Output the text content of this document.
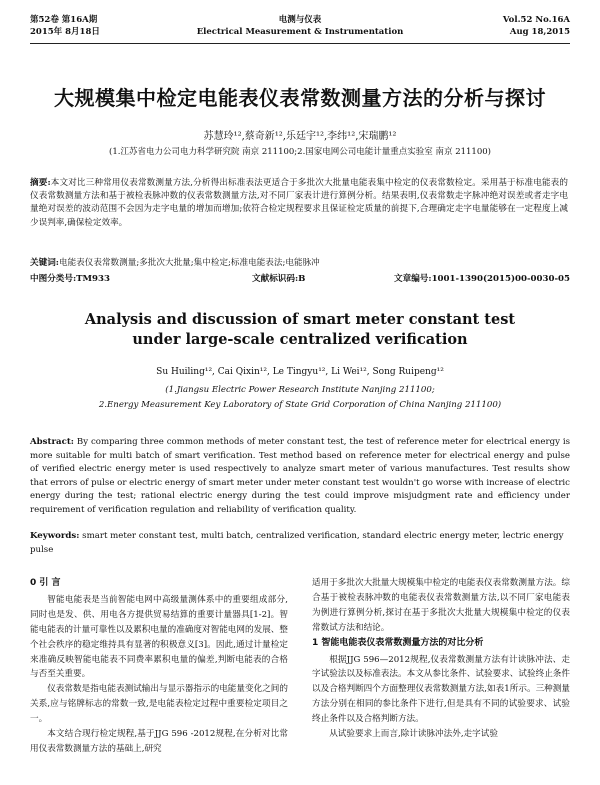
第52卷 第16A期
2015年 8月18日
电测与仪表
Electrical Measurement & Instrumentation
Vol.52 No.16A
Aug 18,2015
大规模集中检定电能表仪表常数测量方法的分析与探讨
苏慧玲¹²,蔡奇新¹²,乐廷宇¹²,李纬¹²,宋瑞鹏¹²
(1.江苏省电力公司电力科学研究院 南京 211100;2.国家电网公司电能计量重点实验室 南京 211100)
摘要:本文对比三种常用仪表常数测量方法,分析得出标准表法更适合于多批次大批量电能表集中检定的仪表常数检定。采用基于标准电能表的仪表常数测量方法和基于被检表脉冲数的仪表常数测量方法,对不同厂家表计进行算例分析。结果表明,仪表常数走字脉冲绝对误差或者走字电量绝对误差的波动范围不会因为走字电量的增加而增加;依符合检定规程要求且保证检定质量的前提下,合理确定走字电量能够在一定程度上减少误判率,确保检定效率。
关键词:电能表仪表常数测量;多批次大批量;集中检定;标准电能表法;电能脉冲
中图分类号:TM933	文献标识码:B	文章编号:1001-1390(2015)00-0030-05
Analysis and discussion of smart meter constant test under large-scale centralized verification
Su Huiling¹², Cai Qixin¹², Le Tingyu¹², Li Wei¹², Song Ruipeng¹²
(1.Jiangsu Electric Power Research Institute Nanjing 211100;
2.Energy Measurement Key Laboratory of State Grid Corporation of China Nanjing 211100)
Abstract: By comparing three common methods of meter constant test, the test of reference meter for electrical energy is more suitable for multi batch of smart verification. Test method based on reference meter for electrical energy and pulse of verified electric energy meter is used respectively to analyze smart meter of various manufactures. Test results show that errors of pulse or electric energy of smart meter under meter constant test wouldn't go worse with increase of electric energy during the test; rational electric energy during the test could improve misjudgment rate and efficiency under requirement of verification regulation and reliability of verification quality.
Keywords: smart meter constant test, multi batch, centralized verification, standard electric energy meter, lectric energy pulse
0 引 言

智能电能表是当前智能电网中高级量测体系中的重要组成部分,同时也是发、供、用电各方提供贸易结算的重要计量器具[1-2]。智能电能表的计量可靠性以及累积电量的准确度对智能电网的发展、整个社会秩序的稳定维持具有显著的积极意义[3]。因此,通过计量检定来准确反映智能电能表不同费率累积电量的偏差,判断电能表的合格与否至关重要。

仪表常数是指电能表测试输出与显示器指示的电能量变化之间的关系,应与铭牌标志的常数一致,是电能表检定过程中重要检定项目之一。

本文结合现行检定规程,基于JJG 596 -2012规程,在分析对比常用仪表常数测量方法的基础上,研究

适用于多批次大批量大规模集中检定的电能表仪表常数测量方法。综合基于被检表脉冲数的电能表仪表常数测量方法,以不同厂家电能表为例进行算例分析,探讨在基于多批次大批量大规模集中检定的仪表常数试方法和结论。

1 智能电能表仪表常数测量方法的对比分析

根据JJG 596—2012规程,仪表常数测量方法有计读脉冲法、走字试验法以及标准表法。本文从参比条件、试验要求、试验终止条件以及合格判断四个方面整理仪表常数测量方法,如表1所示。三种测量方法分别在相同的参比条件下进行,但是具有不同的试验要求、试验终止条件以及合格判断方法。

从试验要求上而言,除计读脉冲法外,走字试验
